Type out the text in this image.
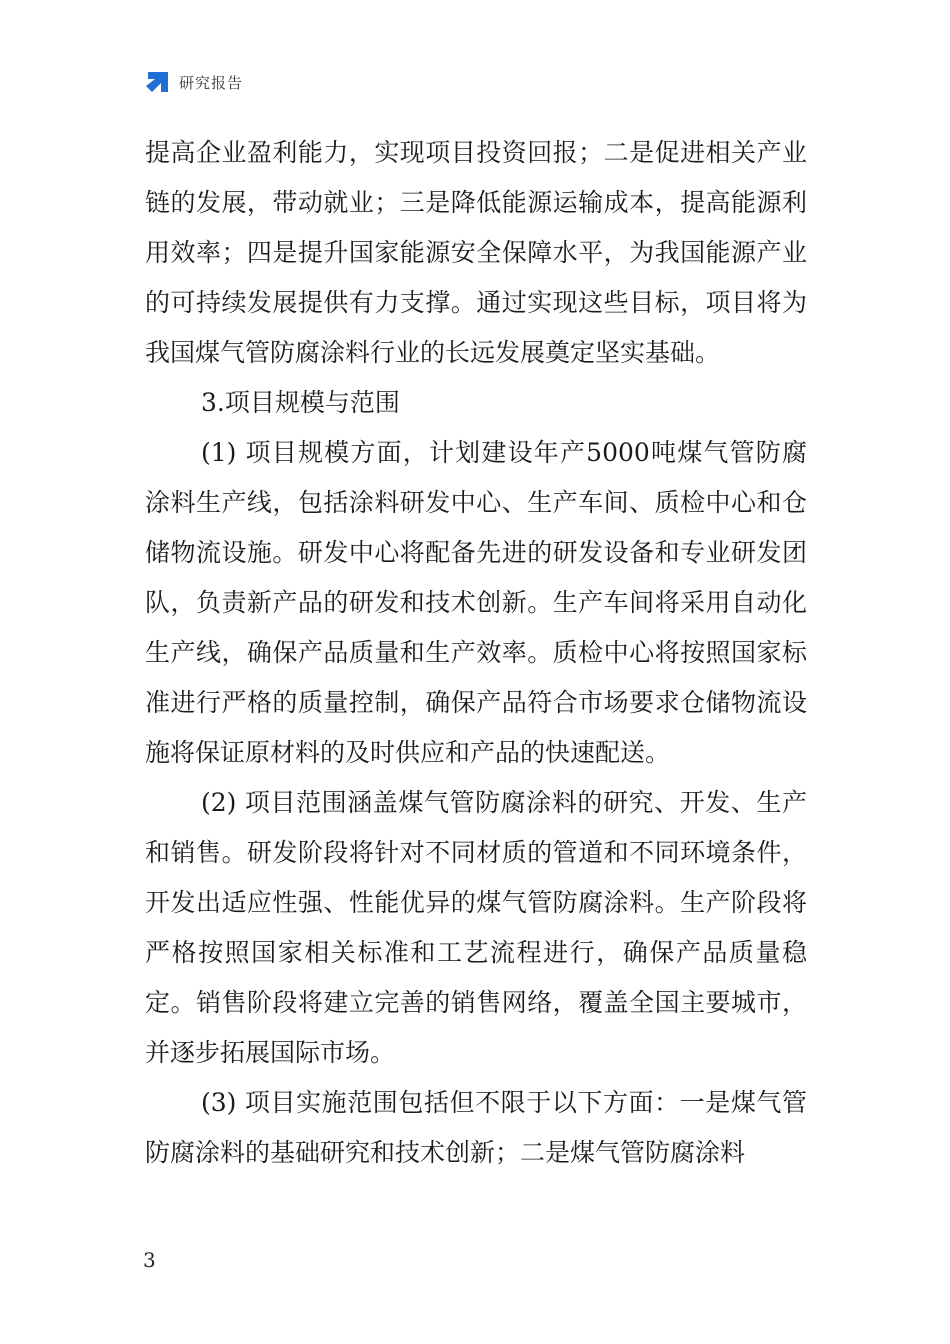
研究报告

提高企业盈利能力，实现项目投资回报；二是促进相关产业链的发展，带动就业；三是降低能源运输成本，提高能源利用效率；四是提升国家能源安全保障水平，为我国能源产业的可持续发展提供有力支撑。通过实现这些目标，项目将为我国煤气管防腐涂料行业的长远发展奠定坚实基础。

3.项目规模与范围

(1) 项目规模方面，计划建设年产5000吨煤气管防腐涂料生产线，包括涂料研发中心、生产车间、质检中心和仓储物流设施。研发中心将配备先进的研发设备和专业研发团队，负责新产品的研发和技术创新。生产车间将采用自动化生产线，确保产品质量和生产效率。质检中心将按照国家标准进行严格的质量控制，确保产品符合市场要求仓储物流设施将保证原材料的及时供应和产品的快速配送。

(2) 项目范围涵盖煤气管防腐涂料的研究、开发、生产和销售。研发阶段将针对不同材质的管道和不同环境条件，开发出适应性强、性能优异的煤气管防腐涂料。生产阶段将严格按照国家相关标准和工艺流程进行，确保产品质量稳定。销售阶段将建立完善的销售网络，覆盖全国主要城市，并逐步拓展国际市场。

(3) 项目实施范围包括但不限于以下方面：一是煤气管防腐涂料的基础研究和技术创新；二是煤气管防腐涂料

3
